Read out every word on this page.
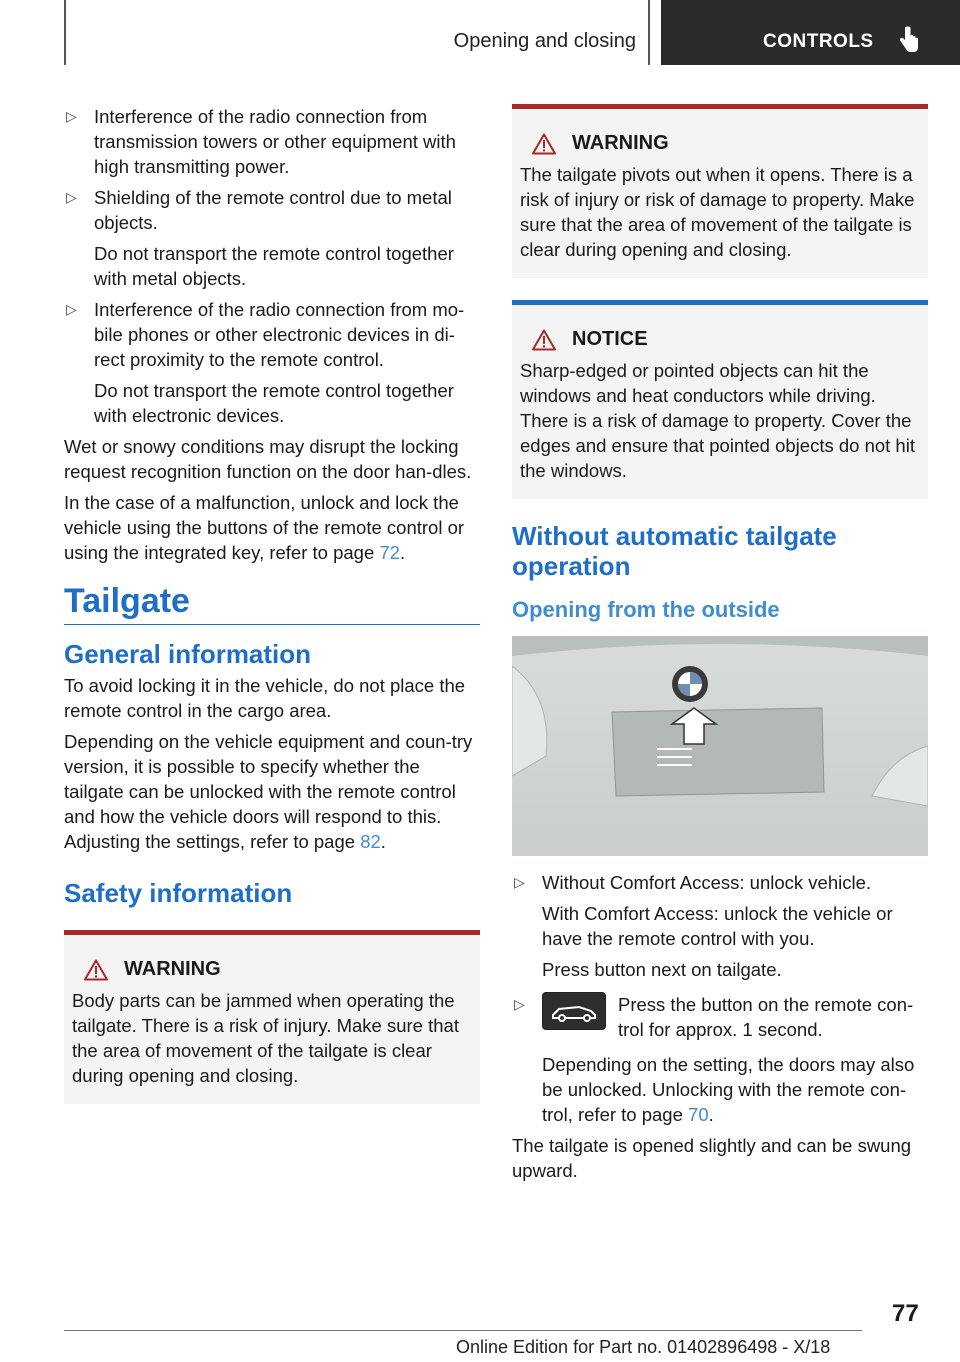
Opening and closing	CONTROLS
▷ Interference of the radio connection from transmission towers or other equipment with high transmitting power.

▷ Shielding of the remote control due to metal objects.

Do not transport the remote control together with metal objects.

▷ Interference of the radio connection from mo-bile phones or other electronic devices in di-rect proximity to the remote control.

Do not transport the remote control together with electronic devices.

Wet or snowy conditions may disrupt the locking request recognition function on the door han-dles.

In the case of a malfunction, unlock and lock the vehicle using the buttons of the remote control or using the integrated key, refer to page 72.

Tailgate
General information

To avoid locking it in the vehicle, do not place the remote control in the cargo area.

Depending on the vehicle equipment and coun-try version, it is possible to specify whether the tailgate can be unlocked with the remote control and how the vehicle doors will respond to this. Adjusting the settings, refer to page 82.

Safety information
WARNING

Body parts can be jammed when operating the tailgate. There is a risk of injury. Make sure that the area of movement of the tailgate is clear during opening and closing.

WARNING

The tailgate pivots out when it opens. There is a risk of injury or risk of damage to property. Make sure that the area of movement of the tailgate is clear during opening and closing.

NOTICE

Sharp-edged or pointed objects can hit the windows and heat conductors while driving. There is a risk of damage to property. Cover the edges and ensure that pointed objects do not hit the windows.

Without automatic tailgate operation
Opening from the outside
▷ Without Comfort Access: unlock vehicle.

With Comfort Access: unlock the vehicle or have the remote control with you.

Press button next on tailgate.

▷	Press the button on the remote con-trol for approx. 1 second.

Depending on the setting, the doors may also be unlocked. Unlocking with the remote con-trol, refer to page 70.

The tailgate is opened slightly and can be swung upward.

77
Online Edition for Part no. 01402896498 - X/18
